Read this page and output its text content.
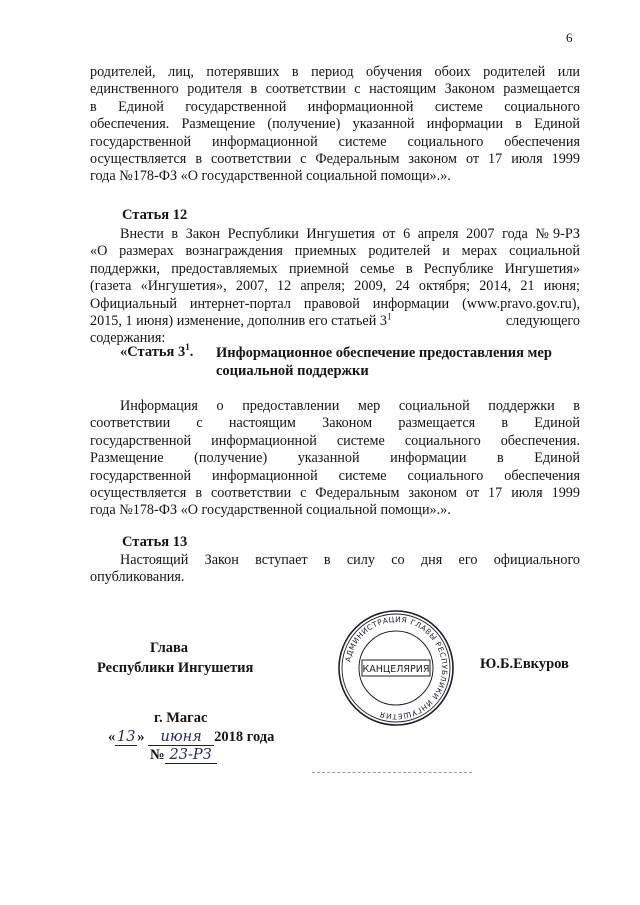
6
родителей, лиц, потерявших в период обучения обоих родителей или
единственного родителя в соответствии с настоящим Законом размещается
в Единой государственной информационной системе социального
обеспечения. Размещение (получение) указанной информации в Единой
государственной информационной системе социального обеспечения
осуществляется в соответствии с Федеральным законом от 17 июля 1999
года №178-ФЗ «О государственной социальной помощи».».
Статья 12
Внести в Закон Республики Ингушетия от 6 апреля 2007 года №9-РЗ
«О размерах вознаграждения приемных родителей и мерах социальной
поддержки, предоставляемых приемной семье в Республике Ингушетия»
(газета «Ингушетия», 2007, 12 апреля; 2009, 24 октября; 2014, 21 июня;
Официальный интернет-портал правовой информации (www.pravo.gov.ru),
2015, 1 июня) изменение, дополнив его статьей $3^1$	следующего
содержания:
«Статья $3^1$. Информационное обеспечение предоставления мер
социальной поддержки
Информация о предоставлении мер социальной поддержки в
соответствии с настоящим Законом размещается в Единой
государственной информационной системе социального обеспечения.
Размещение (получение) указанной информации в Единой
государственной информационной системе социального обеспечения
осуществляется в соответствии с Федеральным законом от 17 июля 1999
года №178-ФЗ «О государственной социальной помощи».».
Статья 13
Настоящий Закон вступает в силу со дня его официального
опубликования.
Глава
Республики Ингушетия	Ю.Б.Евкуров
АДМИНИСТРАЦИЯ ГЛАВЫ РЕСПУБЛИКИ ИНГУШЕТИЯ
КАНЦЕЛЯРИЯ
г. Магас
« 13 » июня 2018 года
№ 23-РЗ
